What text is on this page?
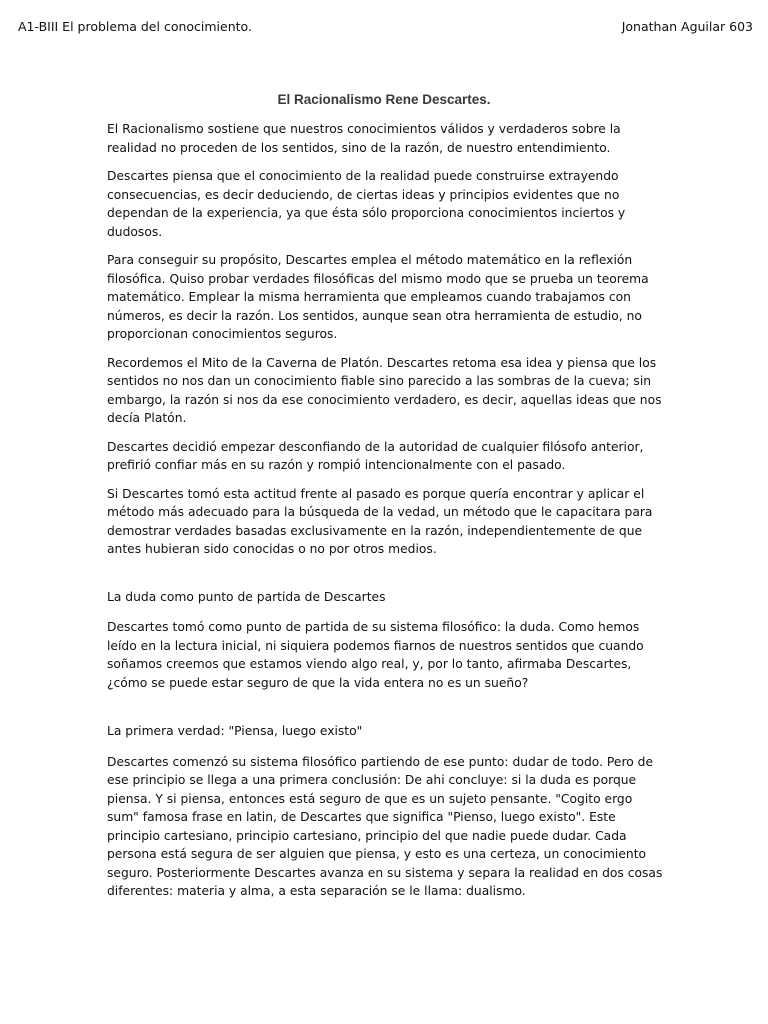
A1-BIII El problema del conocimiento.	Jonathan Aguilar 603
El Racionalismo Rene Descartes.

El Racionalismo sostiene que nuestros conocimientos válidos y verdaderos sobre la realidad no proceden de los sentidos, sino de la razón, de nuestro entendimiento.

Descartes piensa que el conocimiento de la realidad puede construirse extrayendo consecuencias, es decir deduciendo, de ciertas ideas y principios evidentes que no dependan de la experiencia, ya que ésta sólo proporciona conocimientos inciertos y dudosos.

Para conseguir su propósito, Descartes emplea el método matemático en la reflexión filosófica. Quiso probar verdades filosóficas del mismo modo que se prueba un teorema matemático. Emplear la misma herramienta que empleamos cuando trabajamos con números, es decir la razón. Los sentidos, aunque sean otra herramienta de estudio, no proporcionan conocimientos seguros.

Recordemos el Mito de la Caverna de Platón. Descartes retoma esa idea y piensa que los sentidos no nos dan un conocimiento fiable sino parecido a las sombras de la cueva; sin embargo, la razón si nos da ese conocimiento verdadero, es decir, aquellas ideas que nos decía Platón.

Descartes decidió empezar desconfiando de la autoridad de cualquier filósofo anterior, prefirió confiar más en su razón y rompió intencionalmente con el pasado.

Si Descartes tomó esta actitud frente al pasado es porque quería encontrar y aplicar el método más adecuado para la búsqueda de la vedad, un método que le capacitara para demostrar verdades basadas exclusivamente en la razón, independientemente de que antes hubieran sido conocidas o no por otros medios.

La duda como punto de partida de Descartes

Descartes tomó como punto de partida de su sistema filosófico: la duda. Como hemos leído en la lectura inicial, ni siquiera podemos fiarnos de nuestros sentidos que cuando soñamos creemos que estamos viendo algo real, y, por lo tanto, afirmaba Descartes, ¿cómo se puede estar seguro de que la vida entera no es un sueño?

La primera verdad: "Piensa, luego existo"

Descartes comenzó su sistema filosófico partiendo de ese punto: dudar de todo. Pero de ese principio se llega a una primera conclusión: De ahi concluye: si la duda es porque piensa. Y si piensa, entonces está seguro de que es un sujeto pensante. "Cogito ergo sum" famosa frase en latin, de Descartes que significa "Pienso, luego existo". Este principio cartesiano, principio cartesiano, principio del que nadie puede dudar. Cada persona está segura de ser alguien que piensa, y esto es una certeza, un conocimiento seguro. Posteriormente Descartes avanza en su sistema y separa la realidad en dos cosas diferentes: materia y alma, a esta separación se le llama: dualismo.
